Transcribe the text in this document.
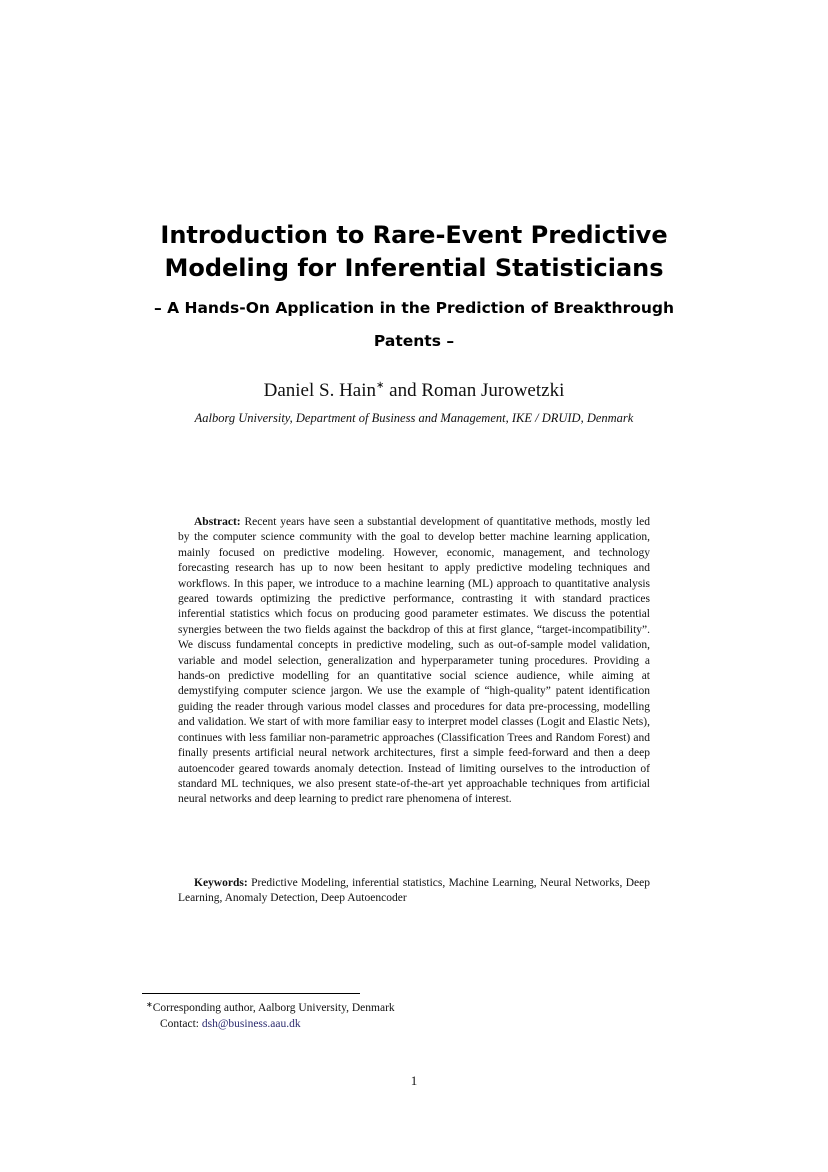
Introduction to Rare-Event Predictive
Modeling for Inferential Statisticians
– A Hands-On Application in the Prediction of Breakthrough
Patents –
Daniel S. Hain∗ and Roman Jurowetzki
Aalborg University, Department of Business and Management, IKE / DRUID, Denmark
Abstract: Recent years have seen a substantial development of quantitative methods, mostly led by the computer science community with the goal to develop better machine learning application, mainly focused on predictive modeling. However, economic, management, and technology forecasting research has up to now been hesitant to apply predictive modeling techniques and workflows. In this paper, we introduce to a machine learning (ML) approach to quantitative analysis geared towards optimizing the predictive performance, contrasting it with standard practices inferential statistics which focus on producing good parameter estimates. We discuss the potential synergies between the two fields against the backdrop of this at first glance, “target-incompatibility”. We discuss fundamental concepts in predictive modeling, such as out-of-sample model validation, variable and model selection, generalization and hyperparameter tuning procedures. Providing a hands-on predictive modelling for an quantitative social science audience, while aiming at demystifying computer science jargon. We use the example of “high-quality” patent identification guiding the reader through various model classes and procedures for data pre-processing, modelling and validation. We start of with more familiar easy to interpret model classes (Logit and Elastic Nets), continues with less familiar non-parametric approaches (Classification Trees and Random Forest) and finally presents artificial neural network architectures, first a simple feed-forward and then a deep autoencoder geared towards anomaly detection. Instead of limiting ourselves to the introduction of standard ML techniques, we also present state-of-the-art yet approachable techniques from artificial neural networks and deep learning to predict rare phenomena of interest.
Keywords: Predictive Modeling, inferential statistics, Machine Learning, Neural Networks, Deep Learning, Anomaly Detection, Deep Autoencoder
∗Corresponding author, Aalborg University, Denmark
Contact: dsh@business.aau.dk
1
